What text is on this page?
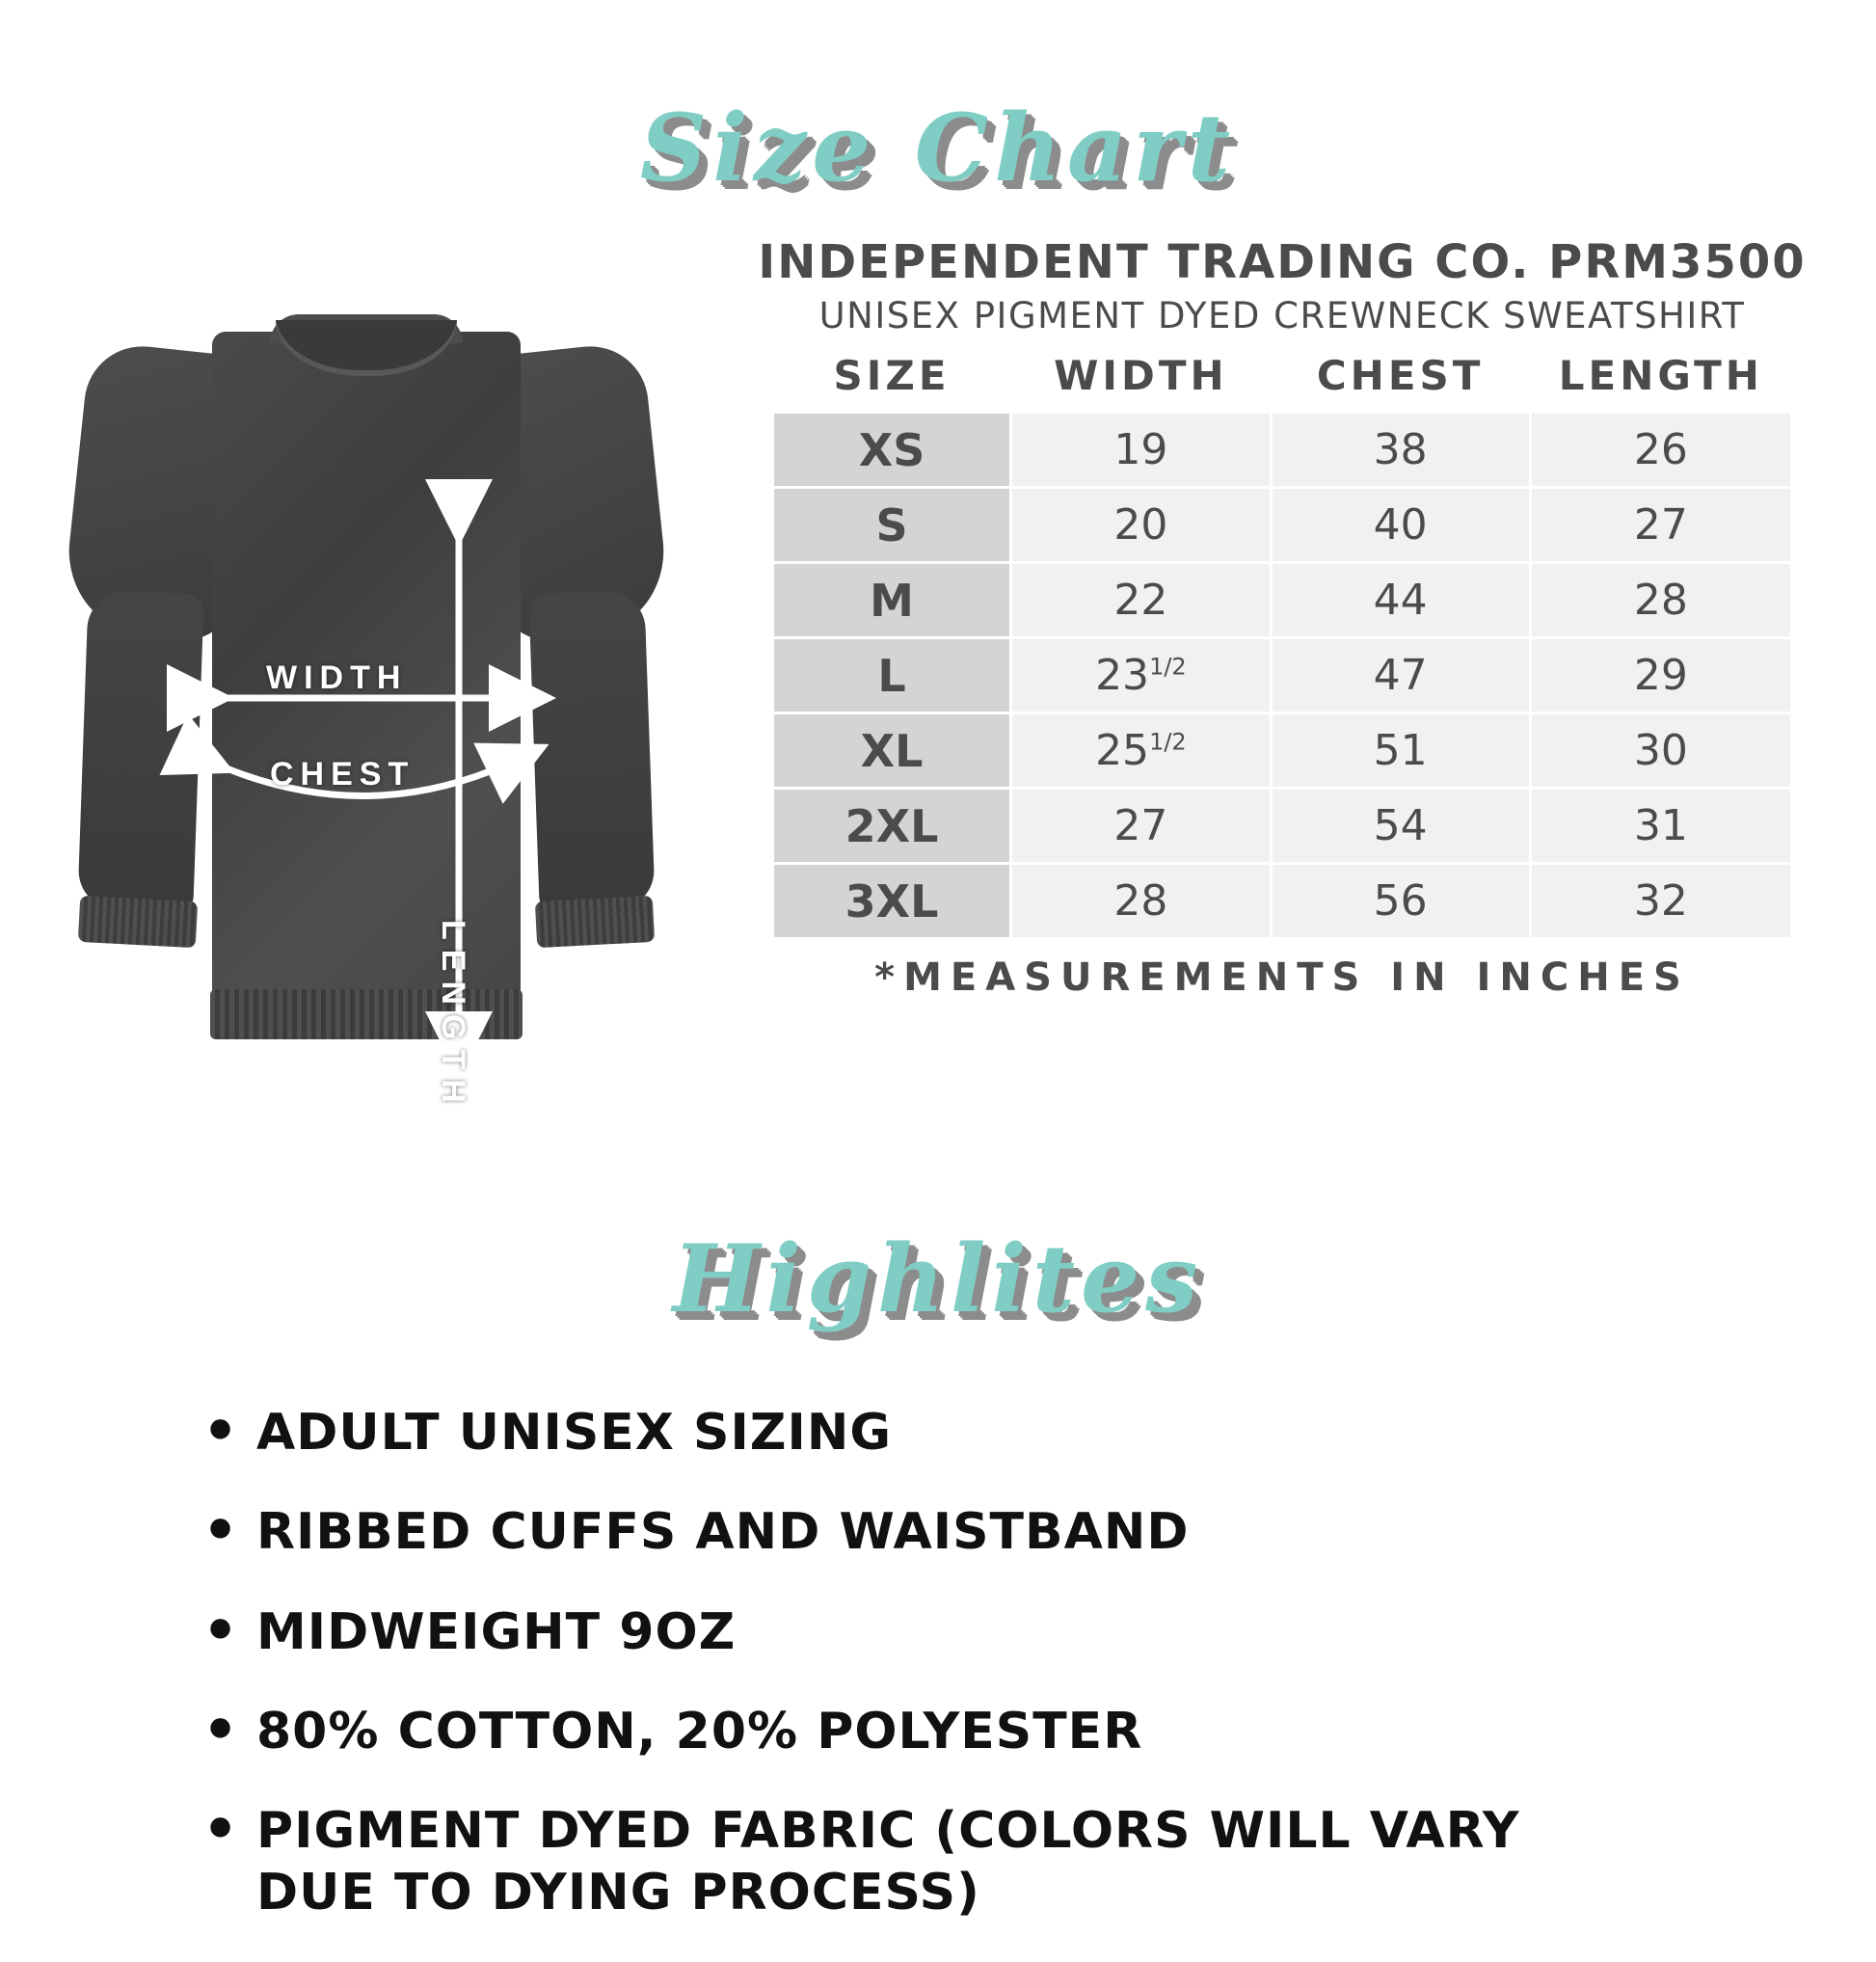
Size Chart
WIDTH
CHEST
LENGTH
INDEPENDENT TRADING CO. PRM3500
UNISEX PIGMENT DYED CREWNECK SWEATSHIRT
SIZE	WIDTH	CHEST	LENGTH
XS	19	38	26
S	20	40	27
M	22	44	28
L	$23^{1/2}$	47	29
XL	$25^{1/2}$	51	30
2XL	27	54	31
3XL	28	56	32
*MEASUREMENTS IN INCHES
Highlites
• ADULT UNISEX SIZING
• RIBBED CUFFS AND WAISTBAND
• MIDWEIGHT 9OZ
• 80% COTTON, 20% POLYESTER
• PIGMENT DYED FABRIC (COLORS WILL VARY DUE TO DYING PROCESS)
